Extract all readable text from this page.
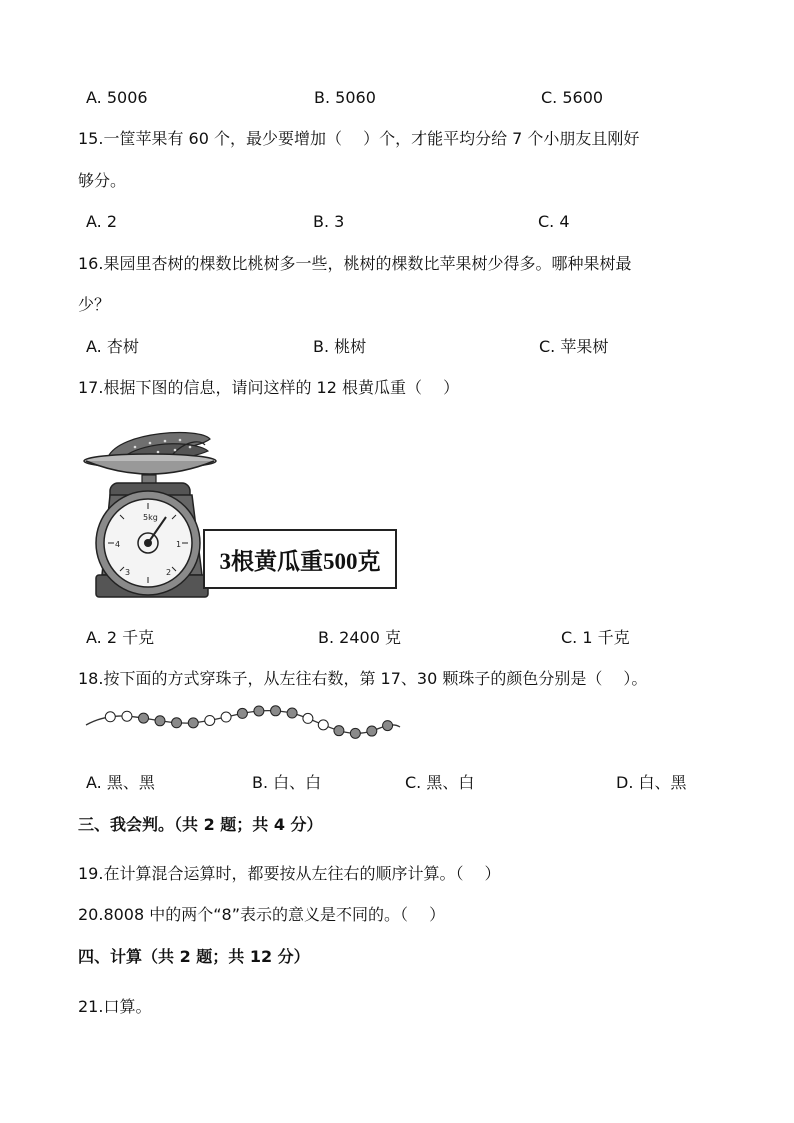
A. 5006	B. 5060	C. 5600
15.一筐苹果有 60 个，最少要增加（　 ）个，才能平均分给 7 个小朋友且刚好
够分。
A. 2	B. 3	C. 4
16.果园里杏树的棵数比桃树多一些，桃树的棵数比苹果树少得多。哪种果树最
少？
A. 杏树	B. 桃树	C. 苹果树
17.根据下图的信息，请问这样的 12 根黄瓜重（　 ）
5kg
1
2
3
4
3根黄瓜重500克
A. 2 千克	B. 2400 克	C. 1 千克
18.按下面的方式穿珠子，从左往右数，第 17、30 颗珠子的颜色分别是（　 ）。
A. 黑、黑	B. 白、白	C. 黑、白	D. 白、黑
三、我会判。（共 2 题；共 4 分）
19.在计算混合运算时，都要按从左往右的顺序计算。（　 ）
20.8008 中的两个“8”表示的意义是不同的。（　 ）
四、计算（共 2 题；共 12 分）
21.口算。
